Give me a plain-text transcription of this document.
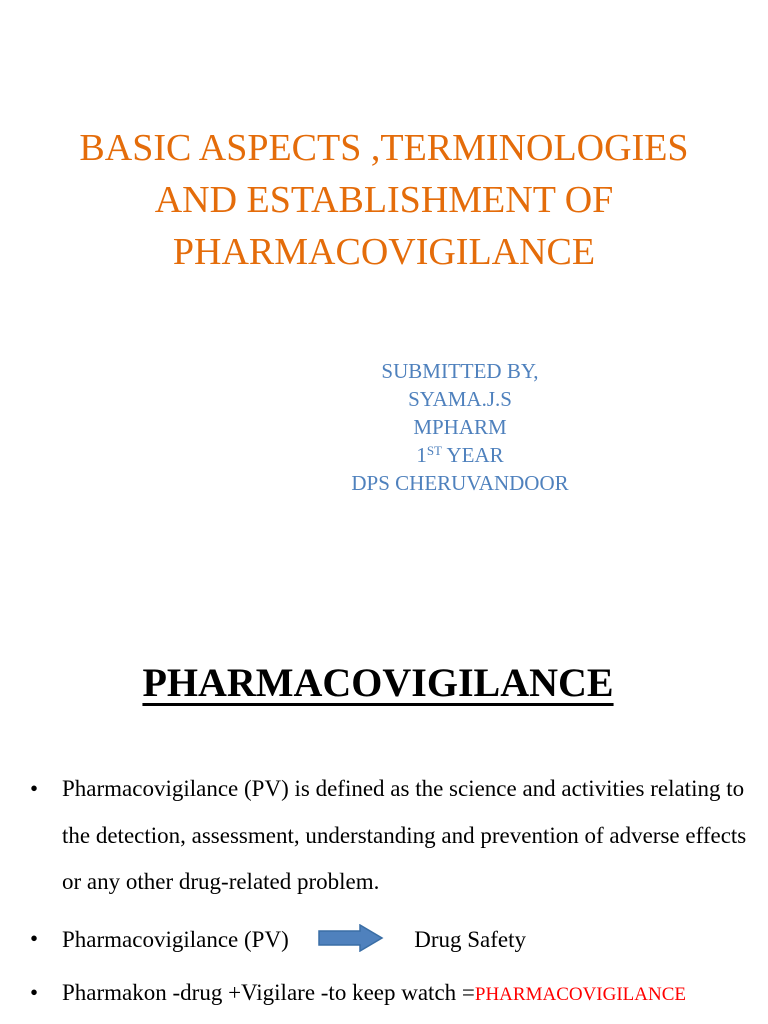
BASIC ASPECTS ,TERMINOLOGIES
AND ESTABLISHMENT OF
PHARMACOVIGILANCE
SUBMITTED BY,
SYAMA.J.S
MPHARM
1ST YEAR
DPS CHERUVANDOOR
PHARMACOVIGILANCE
• Pharmacovigilance (PV) is defined as the science and activities relating to the detection, assessment, understanding and prevention of adverse effects or any other drug-related problem.
• Pharmacovigilance (PV)	Drug Safety
• Pharmakon -drug +Vigilare -to keep watch =PHARMACOVIGILANCE
